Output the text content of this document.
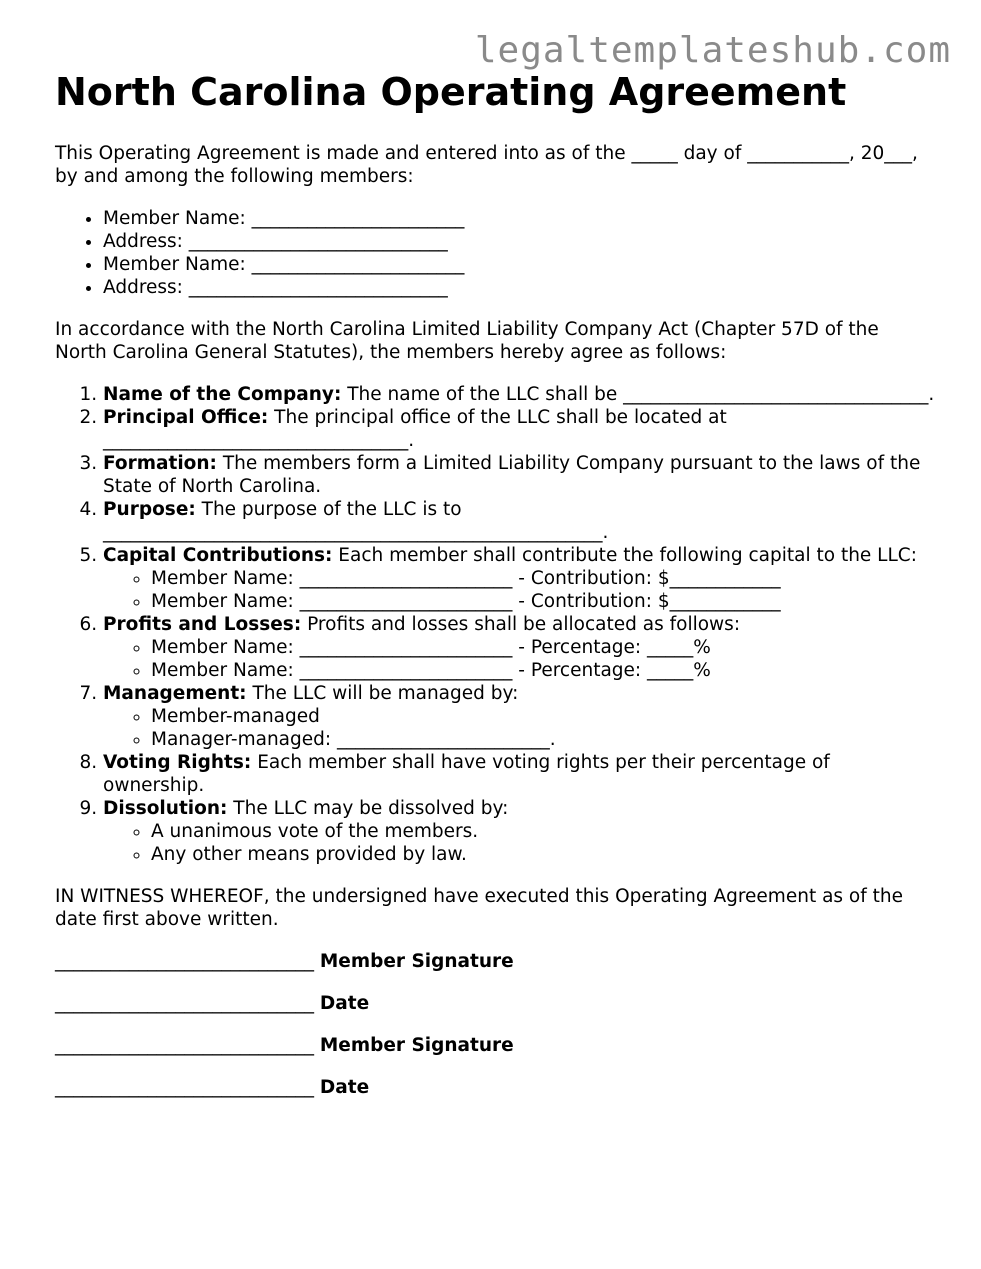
legaltemplateshub.com
North Carolina Operating Agreement

This Operating Agreement is made and entered into as of the _____ day of ___________, 20___, by and among the following members:

• Member Name: _______________________
• Address: ____________________________
• Member Name: _______________________
• Address: ____________________________

In accordance with the North Carolina Limited Liability Company Act (Chapter 57D of the North Carolina General Statutes), the members hereby agree as follows:

1. Name of the Company: The name of the LLC shall be _________________________________.
2. Principal Office: The principal office of the LLC shall be located at _________________________________.
3. Formation: The members form a Limited Liability Company pursuant to the laws of the State of North Carolina.
4. Purpose: The purpose of the LLC is to ______________________________________________________.
5. Capital Contributions: Each member shall contribute the following capital to the LLC:
◦ Member Name: _______________________ - Contribution: $____________
◦ Member Name: _______________________ - Contribution: $____________
6. Profits and Losses: Profits and losses shall be allocated as follows:
◦ Member Name: _______________________ - Percentage: _____%
◦ Member Name: _______________________ - Percentage: _____%
7. Management: The LLC will be managed by:
◦ Member-managed
◦ Manager-managed: _______________________.
8. Voting Rights: Each member shall have voting rights per their percentage of ownership.
9. Dissolution: The LLC may be dissolved by:
◦ A unanimous vote of the members.
◦ Any other means provided by law.

IN WITNESS WHEREOF, the undersigned have executed this Operating Agreement as of the date first above written.

____________________________ Member Signature
____________________________ Date
____________________________ Member Signature
____________________________ Date
